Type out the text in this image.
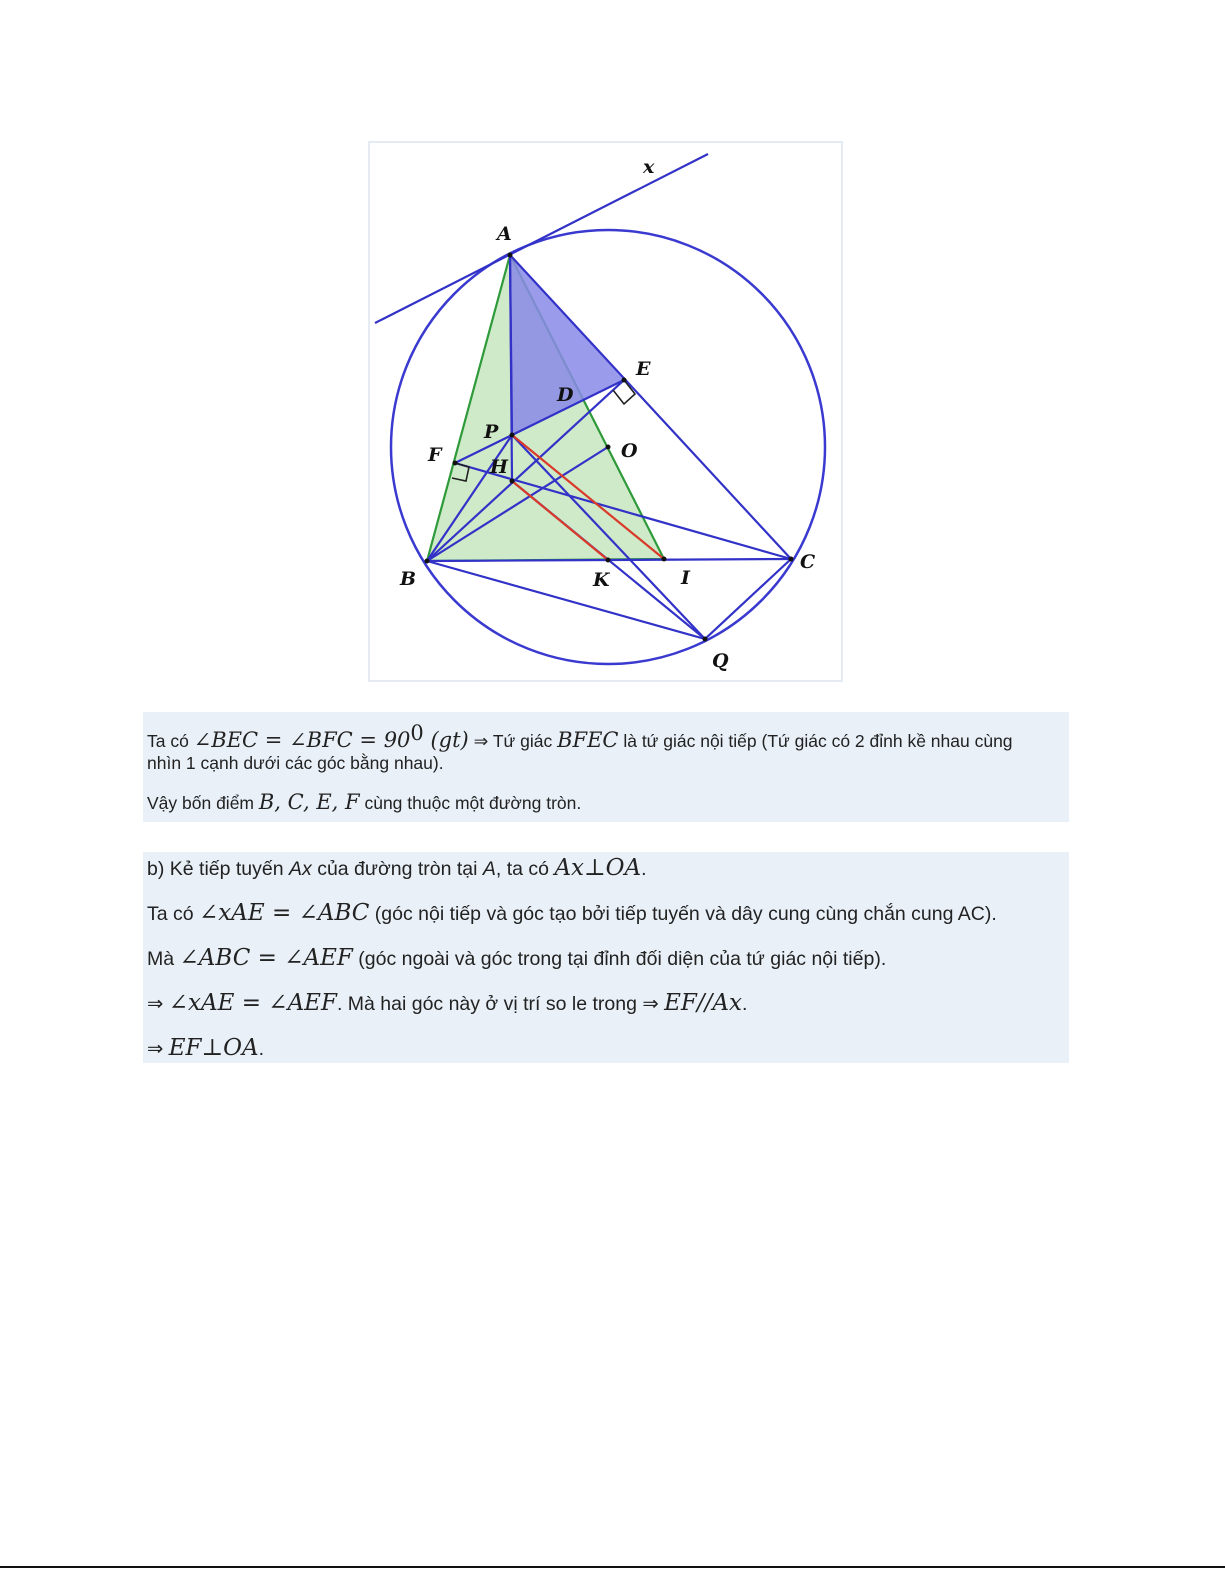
x
A
E
D
P
F
H
O
B	K	I
C
Q
Ta có ∠BEC = ∠BFC = $90^0$ (gt) ⇒ Tứ giác BFEC là tứ giác nội tiếp (Tứ giác có 2 đỉnh kề nhau cùng
nhìn 1 cạnh dưới các góc bằng nhau).
Vậy bốn điểm B, C, E, F cùng thuộc một đường tròn.
b) Kẻ tiếp tuyến Ax của đường tròn tại A, ta có Ax⊥OA.
Ta có ∠xAE = ∠ABC (góc nội tiếp và góc tạo bởi tiếp tuyến và dây cung cùng chắn cung AC).
Mà ∠ABC = ∠AEF (góc ngoài và góc trong tại đỉnh đối diện của tứ giác nội tiếp).
⇒ ∠xAE = ∠AEF. Mà hai góc này ở vị trí so le trong ⇒ EF//Ax.
⇒ EF⊥OA.
